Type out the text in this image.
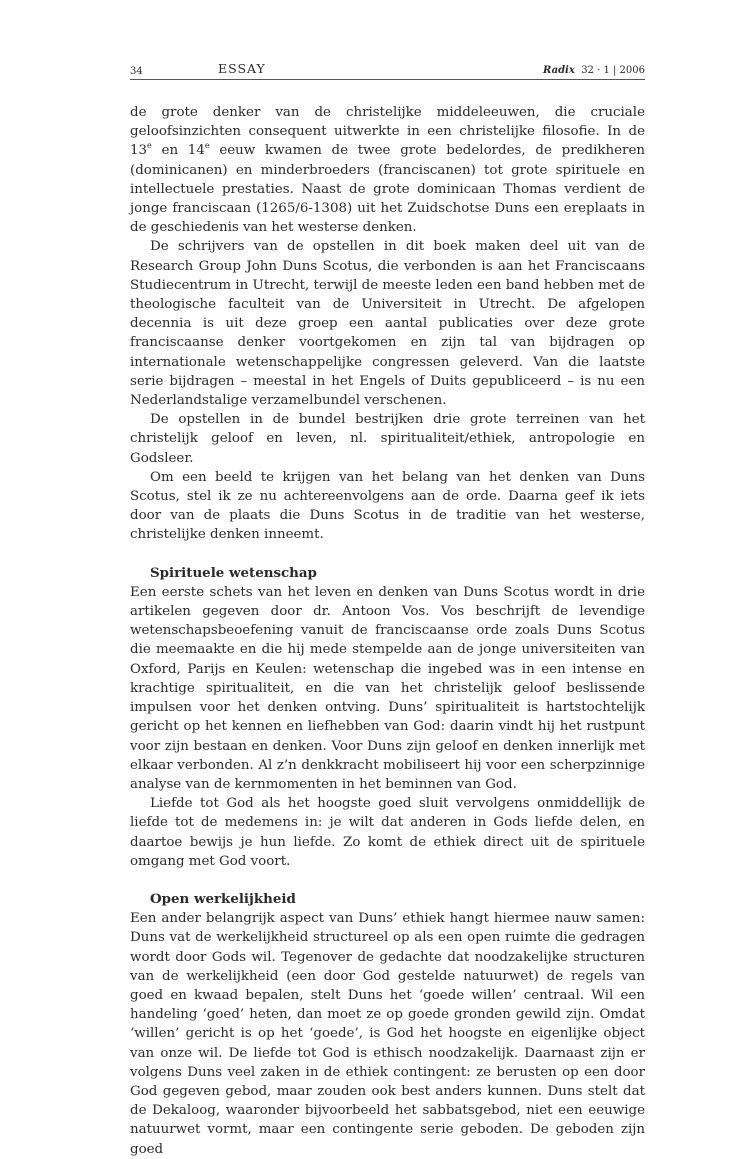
34	ESSAY	Radix 32 · 1 | 2006

de grote denker van de christelijke middeleeuwen, die cruciale geloofsinzichten consequent uitwerkte in een christelijke filosofie. In de 13e en 14e eeuw kwamen de twee grote bedelordes, de predikheren (dominicanen) en minderbroeders (franciscanen) tot grote spirituele en intellectuele prestaties. Naast de grote dominicaan Thomas verdient de jonge franciscaan (1265/6-1308) uit het Zuidschotse Duns een ereplaats in de geschiedenis van het westerse denken.

De schrijvers van de opstellen in dit boek maken deel uit van de Research Group John Duns Scotus, die verbonden is aan het Franciscaans Studiecentrum in Utrecht, terwijl de meeste leden een band hebben met de theologische faculteit van de Universiteit in Utrecht. De afgelopen decennia is uit deze groep een aantal publicaties over deze grote franciscaanse denker voortgekomen en zijn tal van bijdragen op internationale wetenschappelijke congressen geleverd. Van die laatste serie bijdragen – meestal in het Engels of Duits gepubliceerd – is nu een Nederlandstalige verzamelbundel verschenen.

De opstellen in de bundel bestrijken drie grote terreinen van het christelijk geloof en leven, nl. spiritualiteit/ethiek, antropologie en Godsleer.

Om een beeld te krijgen van het belang van het denken van Duns Scotus, stel ik ze nu achtereenvolgens aan de orde. Daarna geef ik iets door van de plaats die Duns Scotus in de traditie van het westerse, christelijke denken inneemt.

Spirituele wetenschap

Een eerste schets van het leven en denken van Duns Scotus wordt in drie artikelen gegeven door dr. Antoon Vos. Vos beschrijft de levendige wetenschapsbeoefening vanuit de franciscaanse orde zoals Duns Scotus die meemaakte en die hij mede stempelde aan de jonge universiteiten van Oxford, Parijs en Keulen: wetenschap die ingebed was in een intense en krachtige spiritualiteit, en die van het christelijk geloof beslissende impulsen voor het denken ontving. Duns’ spiritualiteit is hartstochtelijk gericht op het kennen en liefhebben van God: daarin vindt hij het rustpunt voor zijn bestaan en denken. Voor Duns zijn geloof en denken innerlijk met elkaar verbonden. Al z’n denkkracht mobiliseert hij voor een scherpzinnige analyse van de kernmomenten in het beminnen van God.

Liefde tot God als het hoogste goed sluit vervolgens onmiddellijk de liefde tot de medemens in: je wilt dat anderen in Gods liefde delen, en daartoe bewijs je hun liefde. Zo komt de ethiek direct uit de spirituele omgang met God voort.

Open werkelijkheid

Een ander belangrijk aspect van Duns’ ethiek hangt hiermee nauw samen: Duns vat de werkelijkheid structureel op als een open ruimte die gedragen wordt door Gods wil. Tegenover de gedachte dat noodzakelijke structuren van de werkelijkheid (een door God gestelde natuurwet) de regels van goed en kwaad bepalen, stelt Duns het ‘goede willen’ centraal. Wil een handeling ‘goed’ heten, dan moet ze op goede gronden gewild zijn. Omdat ‘willen’ gericht is op het ‘goede’, is God het hoogste en eigenlijke object van onze wil. De liefde tot God is ethisch noodzakelijk. Daarnaast zijn er volgens Duns veel zaken in de ethiek contingent: ze berusten op een door God gegeven gebod, maar zouden ook best anders kunnen. Duns stelt dat de Dekaloog, waaronder bijvoorbeeld het sabbatsgebod, niet een eeuwige natuurwet vormt, maar een contingente serie geboden. De geboden zijn goed
